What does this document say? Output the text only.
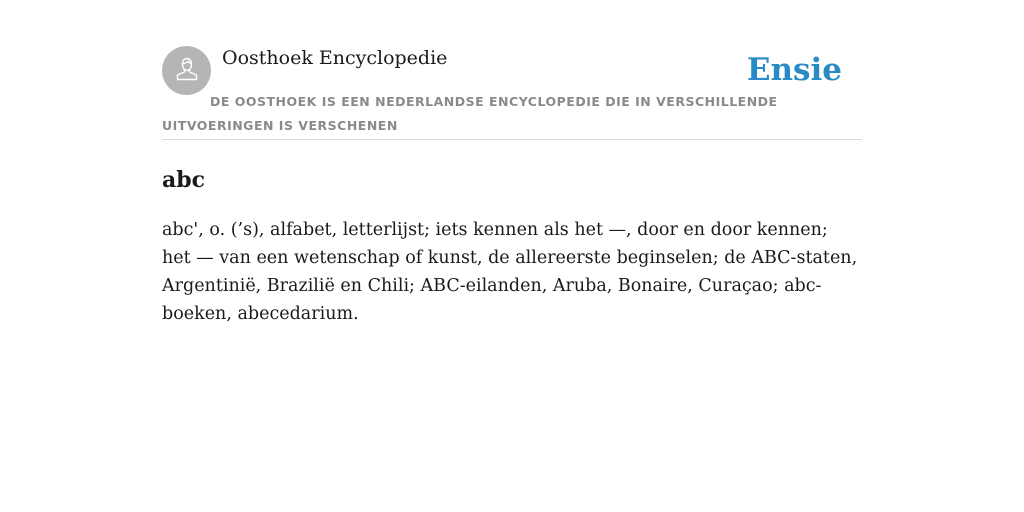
Oosthoek Encyclopedie	Ensie
DE OOSTHOEK IS EEN NEDERLANDSE ENCYCLOPEDIE DIE IN VERSCHILLENDE UITVOERINGEN IS VERSCHENEN
abc

abc', o. (’s), alfabet, letterlijst; iets kennen als het —, door en door kennen; het — van een wetenschap of kunst, de allereerste beginselen; de ABC-staten, Argentinië, Brazilië en Chili; ABC-eilanden, Aruba, Bonaire, Curaçao; abc-boeken, abecedarium.
